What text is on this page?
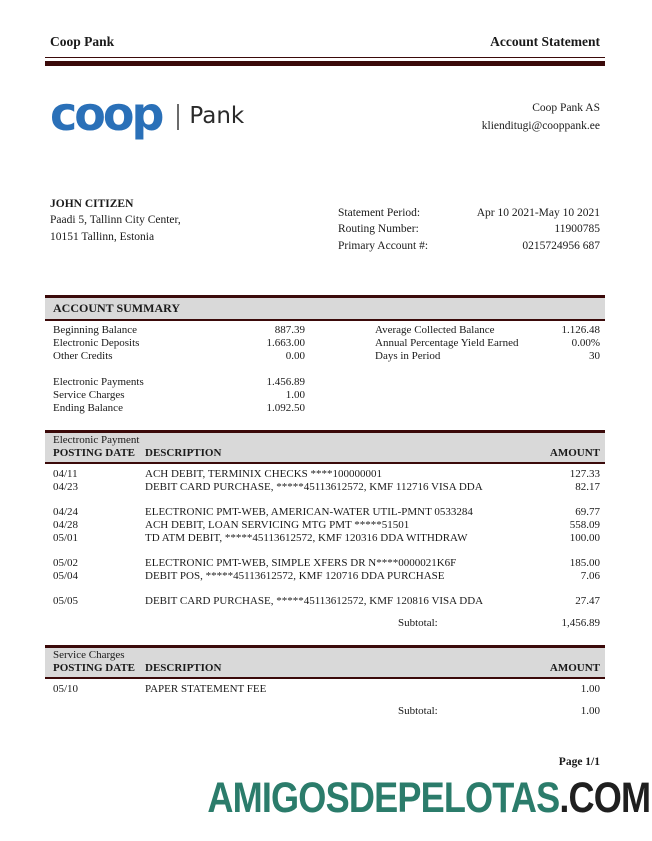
Coop Pank	Account Statement
coop Pank	Coop Pank AS
klienditugi@cooppank.ee
JOHN CITIZEN
Paadi 5, Tallinn City Center,
10151 Tallinn, Estonia
Statement Period:	Apr 10 2021-May 10 2021
Routing Number:	11900785
Primary Account #:	0215724956 687
ACCOUNT SUMMARY
Beginning Balance	887.39
Electronic Deposits	1.663.00
Other Credits	0.00
Electronic Payments	1.456.89
Service Charges	1.00
Ending Balance	1.092.50
Average Collected Balance	1.126.48
Annual Percentage Yield Earned	0.00%
Days in Period	30
Electronic Payment
POSTING DATE DESCRIPTION	AMOUNT
04/11	ACH DEBIT, TERMINIX CHECKS ****100000001	127.33
04/23	DEBIT CARD PURCHASE, *****45113612572, KMF 112716 VISA DDA	82.17
04/24	ELECTRONIC PMT-WEB, AMERICAN-WATER UTIL-PMNT 0533284	69.77
04/28	ACH DEBIT, LOAN SERVICING MTG PMT *****51501	558.09
05/01	TD ATM DEBIT, *****45113612572, KMF 120316 DDA WITHDRAW	100.00
05/02	ELECTRONIC PMT-WEB, SIMPLE XFERS DR N****0000021K6F	185.00
05/04	DEBIT POS, *****45113612572, KMF 120716 DDA PURCHASE	7.06
05/05	DEBIT CARD PURCHASE, *****45113612572, KMF 120816 VISA DDA	27.47
Subtotal:	1,456.89
Service Charges
POSTING DATE DESCRIPTION	AMOUNT
05/10	PAPER STATEMENT FEE	1.00
Subtotal:	1.00
Page 1/1
AMIGOSDEPELOTAS.COM
